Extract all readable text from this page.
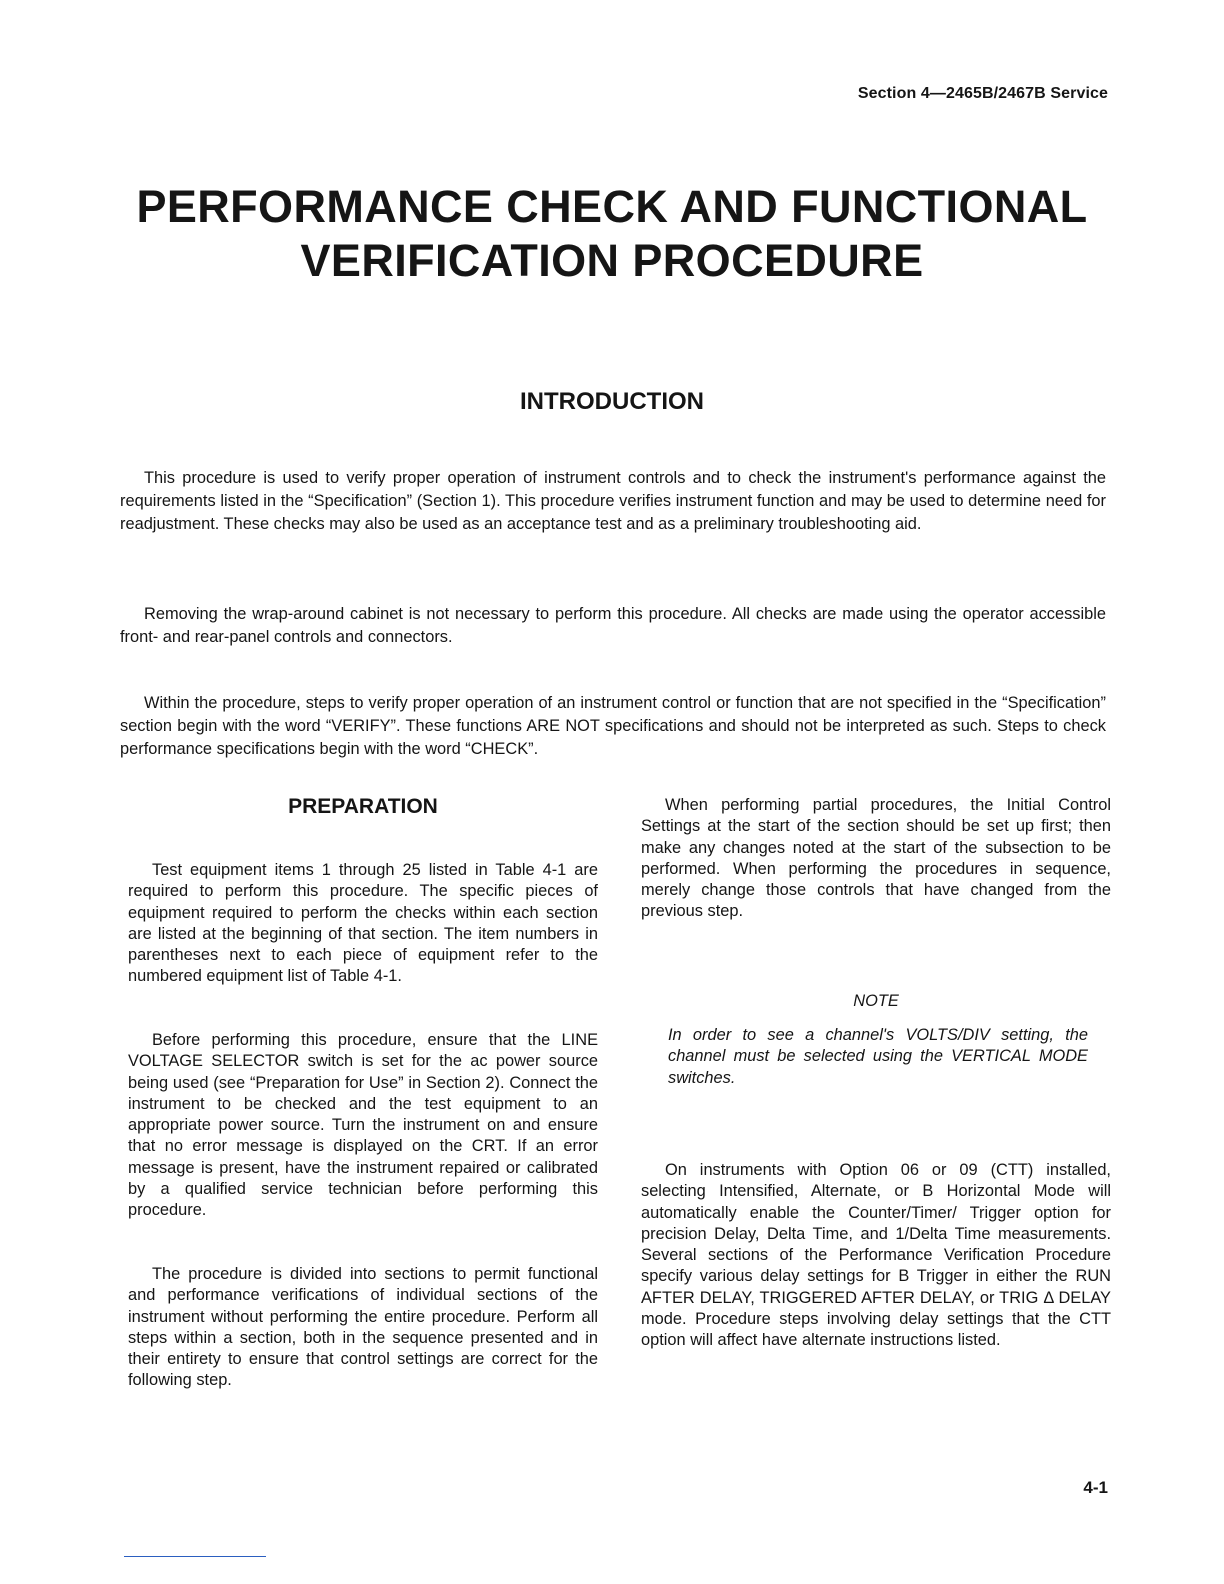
Section 4—2465B/2467B Service
PERFORMANCE CHECK AND FUNCTIONAL
VERIFICATION PROCEDURE
INTRODUCTION

This procedure is used to verify proper operation of instrument controls and to check the instrument's performance against the requirements listed in the “Specification” (Section 1). This procedure verifies instrument function and may be used to determine need for readjustment. These checks may also be used as an acceptance test and as a preliminary troubleshooting aid.

Removing the wrap-around cabinet is not necessary to perform this procedure. All checks are made using the operator accessible front- and rear-panel controls and connectors.

Within the procedure, steps to verify proper operation of an instrument control or function that are not specified in the “Specification” section begin with the word “VERIFY”. These functions ARE NOT specifications and should not be interpreted as such. Steps to check performance specifications begin with the word “CHECK”.

PREPARATION

Test equipment items 1 through 25 listed in Table 4-1 are required to perform this procedure. The specific pieces of equipment required to perform the checks within each section are listed at the beginning of that section. The item numbers in parentheses next to each piece of equipment refer to the numbered equipment list of Table 4-1.

Before performing this procedure, ensure that the LINE VOLTAGE SELECTOR switch is set for the ac power source being used (see “Preparation for Use” in Section 2). Connect the instrument to be checked and the test equipment to an appropriate power source. Turn the instrument on and ensure that no error message is displayed on the CRT. If an error message is present, have the instrument repaired or calibrated by a qualified service technician before performing this procedure.

The procedure is divided into sections to permit functional and performance verifications of individual sections of the instrument without performing the entire procedure. Perform all steps within a section, both in the sequence presented and in their entirety to ensure that control settings are correct for the following step.

When performing partial procedures, the Initial Control Settings at the start of the section should be set up first; then make any changes noted at the start of the subsection to be performed. When performing the procedures in sequence, merely change those controls that have changed from the previous step.

NOTE

In order to see a channel's VOLTS/DIV setting, the channel must be selected using the VERTICAL MODE switches.

On instruments with Option 06 or 09 (CTT) installed, selecting Intensified, Alternate, or B Horizontal Mode will automatically enable the Counter/Timer/ Trigger option for precision Delay, Delta Time, and 1/Delta Time measurements. Several sections of the Performance Verification Procedure specify various delay settings for B Trigger in either the RUN AFTER DELAY, TRIGGERED AFTER DELAY, or TRIG Δ DELAY mode. Procedure steps involving delay settings that the CTT option will affect have alternate instructions listed.

4-1
